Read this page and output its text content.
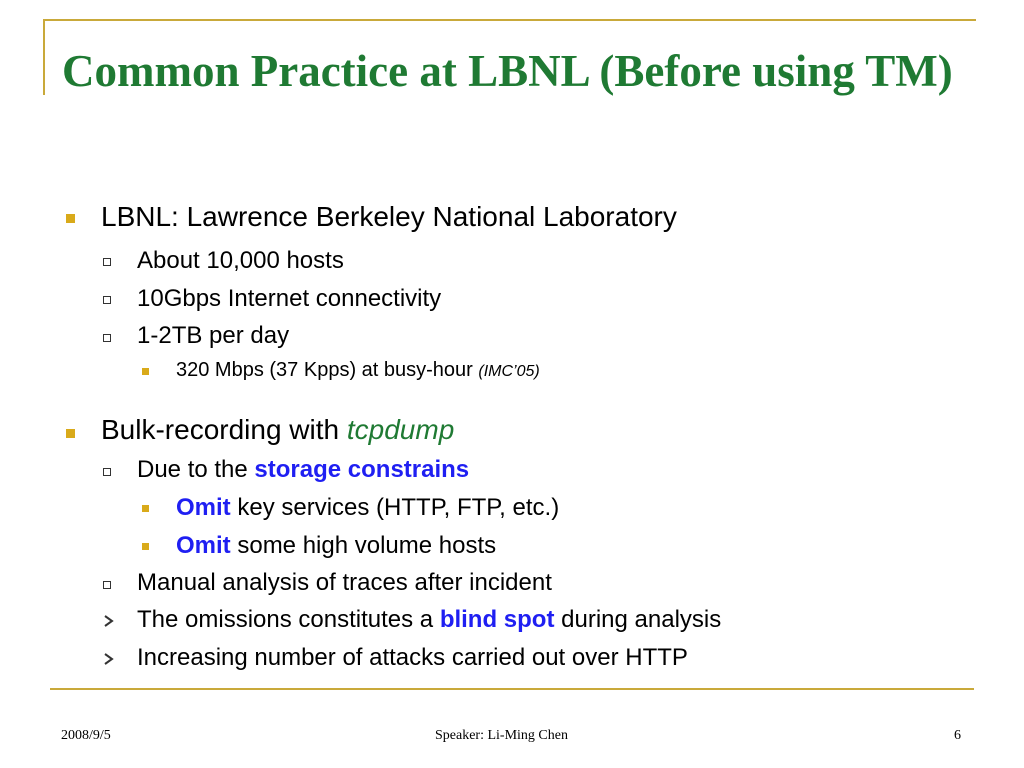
Common Practice at LBNL (Before using TM)
LBNL: Lawrence Berkeley National Laboratory
About 10,000 hosts
10Gbps Internet connectivity
1-2TB per day
320 Mbps (37 Kpps) at busy-hour (IMC’05)
Bulk-recording with tcpdump
Due to the storage constrains
Omit key services (HTTP, FTP, etc.)
Omit some high volume hosts
Manual analysis of traces after incident
The omissions constitutes a blind spot during analysis
Increasing number of attacks carried out over HTTP
2008/9/5	Speaker: Li-Ming Chen	6
